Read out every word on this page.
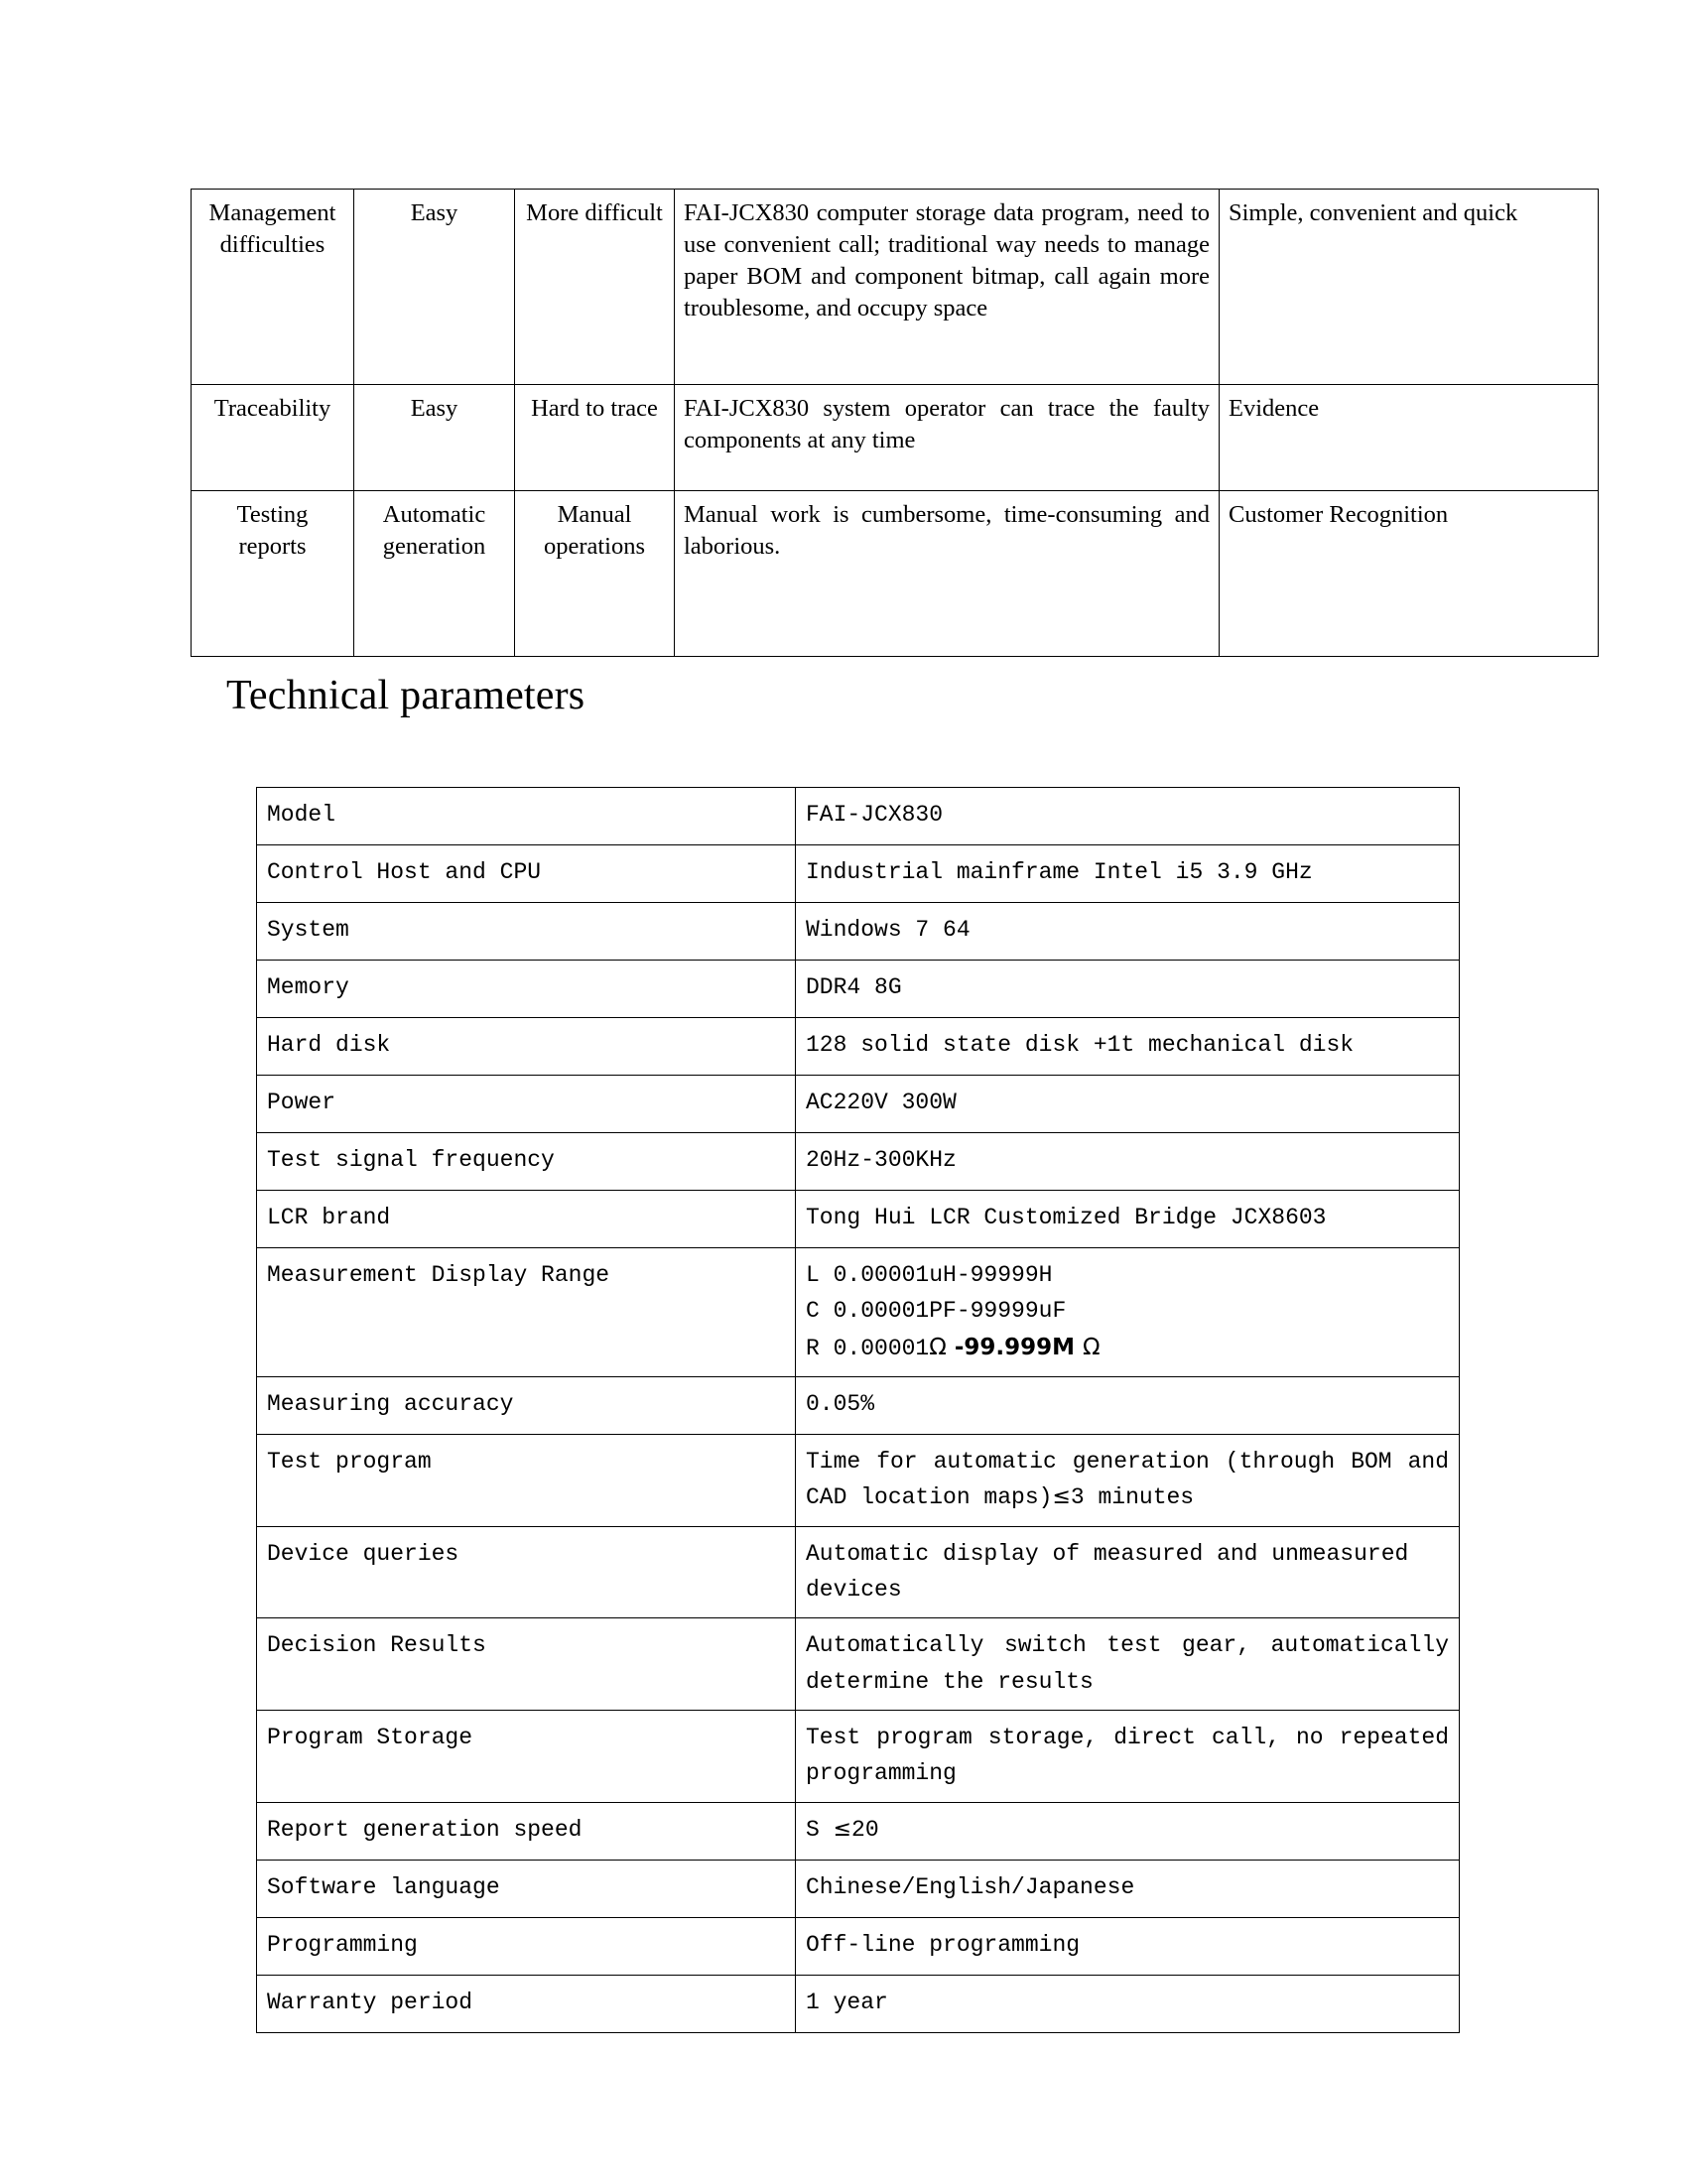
Management difficulties	Easy	More difficult	FAI-JCX830 computer storage data program, need to use convenient call; traditional way needs to manage paper BOM and component bitmap, call again more troublesome, and occupy space	Simple, convenient and quick
Traceability	Easy	Hard to trace	FAI-JCX830 system operator can trace the faulty components at any time	Evidence
Testing reports	Automatic generation	Manual operations	Manual work is cumbersome, time-consuming and laborious.	Customer Recognition
Technical parameters
Model	FAI-JCX830
Control Host and CPU	Industrial mainframe Intel i5 3.9 GHz
System	Windows 7 64
Memory	DDR4 8G
Hard disk	128 solid state disk +1t mechanical disk
Power	AC220V 300W
Test signal frequency	20Hz-300KHz
LCR brand	Tong Hui LCR Customized Bridge JCX8603
Measurement Display Range	L 0.00001uH-99999H
C 0.00001PF-99999uF
R 0.00001Ω -99.999M Ω

Measuring accuracy	0.05%
Test program	Time for automatic generation (through BOM and CAD location maps)≤3 minutes
Device queries	Automatic display of measured and unmeasured devices
Decision Results	Automatically switch test gear, automatically determine the results
Program Storage	Test program storage, direct call, no repeated programming
Report generation speed	S ≤20
Software language	Chinese/English/Japanese
Programming	Off-line programming
Warranty period	1 year
